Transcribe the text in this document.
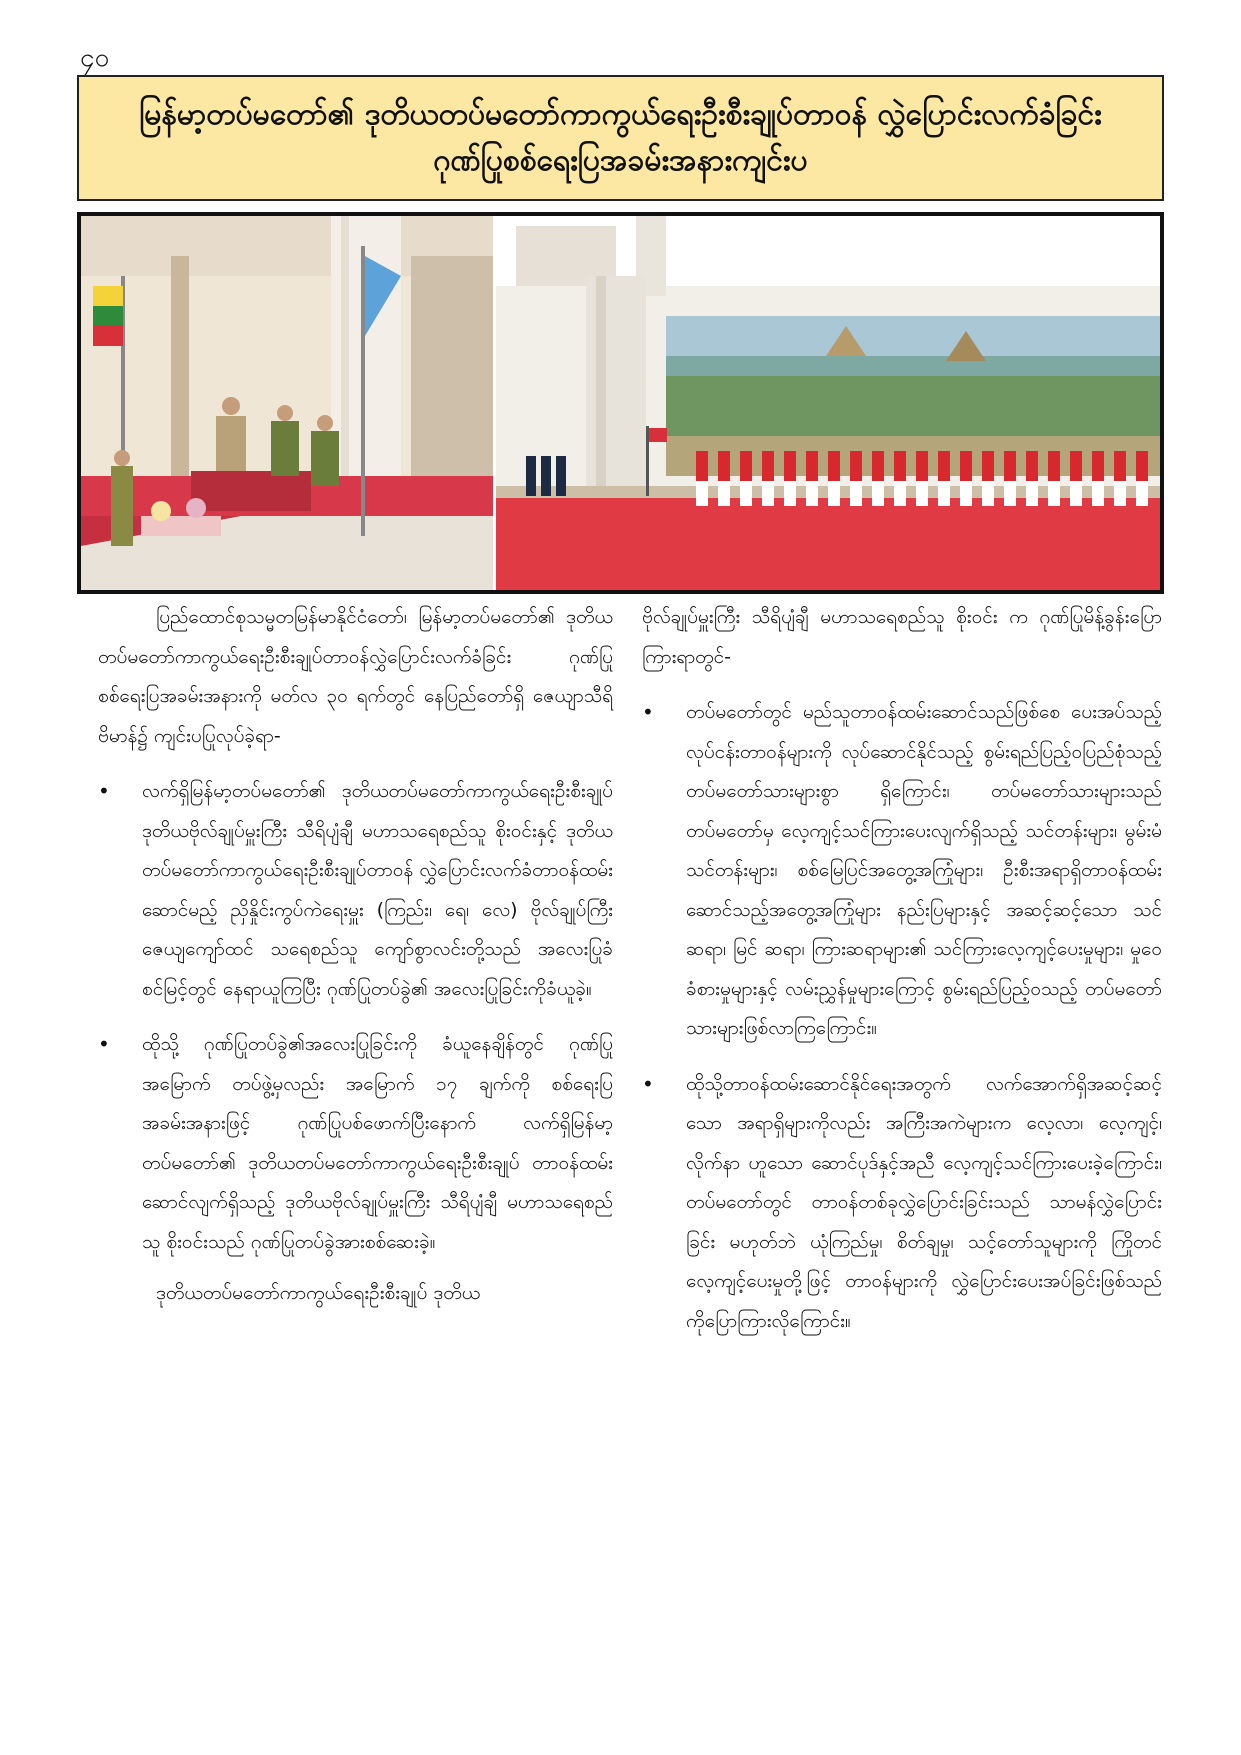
၄၀
မြန်မာ့တပ်မတော်၏ ဒုတိယတပ်မတော်ကာကွယ်ရေးဦးစီးချုပ်တာဝန် လွှဲပြောင်းလက်ခံခြင်း
ဂုဏ်ပြုစစ်ရေးပြအခမ်းအနားကျင်းပ

ပြည်ထောင်စုသမ္မတမြန်မာနိုင်ငံတော်၊ မြန်မာ့တပ်မတော်၏ ဒုတိယတပ်မတော်ကာကွယ်ရေးဦးစီးချုပ်တာဝန်လွှဲပြောင်းလက်ခံခြင်း ဂုဏ်ပြုစစ်ရေးပြအခမ်းအနားကို မတ်လ ၃၀ ရက်တွင် နေပြည်တော်ရှိ ဇေယျာသီရိဗိမာန်၌ ကျင်းပပြုလုပ်ခဲ့ရာ-

•	လက်ရှိမြန်မာ့တပ်မတော်၏ ဒုတိယတပ်မတော်ကာကွယ်ရေးဦးစီးချုပ် ဒုတိယဗိုလ်ချုပ်မှူးကြီး သီရိပျံချီ မဟာသရေစည်သူ စိုးဝင်းနှင့် ဒုတိယတပ်မတော်ကာကွယ်ရေးဦးစီးချုပ်တာဝန် လွှဲပြောင်းလက်ခံတာဝန်ထမ်းဆောင်မည့် ညှိနှိုင်းကွပ်ကဲရေးမှူး (ကြည်း၊ ရေ၊ လေ) ဗိုလ်ချုပ်ကြီး ဇေယျကျော်ထင် သရေစည်သူ ကျော်စွာလင်းတို့သည် အလေးပြုခံစင်မြင့်တွင် နေရာယူကြပြီး ဂုဏ်ပြုတပ်ခွဲ၏ အလေးပြုခြင်းကိုခံယူခဲ့။
•	ထိုသို့ ဂုဏ်ပြုတပ်ခွဲ၏အလေးပြုခြင်းကို ခံယူနေချိန်တွင် ဂုဏ်ပြုအမြောက် တပ်ဖွဲ့မှလည်း အမြောက် ၁၇ ချက်ကို စစ်ရေးပြအခမ်းအနားဖြင့် ဂုဏ်ပြုပစ်ဖောက်ပြီးနောက် လက်ရှိမြန်မာ့တပ်မတော်၏ ဒုတိယတပ်မတော်ကာကွယ်ရေးဦးစီးချုပ် တာဝန်ထမ်းဆောင်လျက်ရှိသည့် ဒုတိယဗိုလ်ချုပ်မှူးကြီး သီရိပျံချီ မဟာသရေစည်သူ စိုးဝင်းသည် ဂုဏ်ပြုတပ်ခွဲအားစစ်ဆေးခဲ့။

ဒုတိယတပ်မတော်ကာကွယ်ရေးဦးစီးချုပ် ဒုတိယ

ဗိုလ်ချုပ်မှူးကြီး သီရိပျံချီ မဟာသရေစည်သူ စိုးဝင်း က ဂုဏ်ပြုမိန့်ခွန်းပြောကြားရာတွင်-

•	တပ်မတော်တွင် မည်သူတာဝန်ထမ်းဆောင်သည်ဖြစ်စေ ပေးအပ်သည့်လုပ်ငန်းတာဝန်များကို လုပ်ဆောင်နိုင်သည့် စွမ်းရည်ပြည့်ဝပြည်စုံသည့် တပ်မတော်သားများစွာ ရှိကြောင်း၊ တပ်မတော်သားများသည် တပ်မတော်မှ လေ့ကျင့်သင်ကြားပေးလျက်ရှိသည့် သင်တန်းများ၊ မွမ်းမံသင်တန်းများ၊ စစ်မြေပြင်အတွေ့အကြုံများ၊ ဦးစီးအရာရှိတာဝန်ထမ်းဆောင်သည့်အတွေ့အကြုံများ နည်းပြများနှင့် အဆင့်ဆင့်သော သင်ဆရာ၊ မြင် ဆရာ၊ ကြားဆရာများ၏ သင်ကြားလေ့ကျင့်ပေးမှုများ၊ မှုဝေခံစားမှုများနှင့် လမ်းညွှန်မှုများကြောင့် စွမ်းရည်ပြည့်ဝသည့် တပ်မတော်သားများဖြစ်လာကြကြောင်း။
•	ထိုသို့တာဝန်ထမ်းဆောင်နိုင်ရေးအတွက် လက်အောက်ရှိအဆင့်ဆင့်သော အရာရှိများကိုလည်း အကြီးအကဲများက လေ့လာ၊ လေ့ကျင့်၊ လိုက်နာ ဟူသော ဆောင်ပုဒ်နှင့်အညီ လေ့ကျင့်သင်ကြားပေးခဲ့ကြောင်း၊ တပ်မတော်တွင် တာဝန်တစ်ခုလွှဲပြောင်းခြင်းသည် သာမန်လွှဲပြောင်းခြင်း မဟုတ်ဘဲ ယုံကြည်မှု၊ စိတ်ချမှု၊ သင့်တော်သူများကို ကြိုတင်လေ့ကျင့်ပေးမှုတို့ဖြင့် တာဝန်များကို လွှဲပြောင်းပေးအပ်ခြင်းဖြစ်သည်ကိုပြောကြားလိုကြောင်း။
